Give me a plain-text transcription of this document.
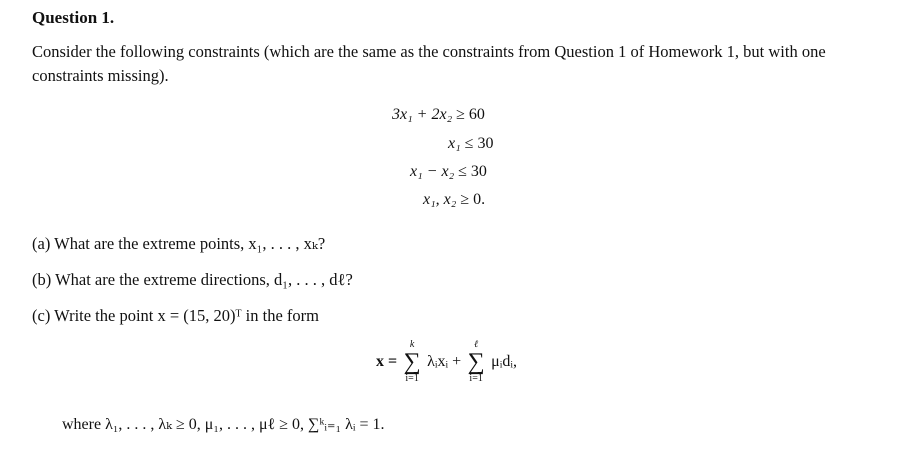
Question 1.
Consider the following constraints (which are the same as the constraints from Question 1 of Homework 1, but with one constraints missing).
3x₁ + 2x₂ ≥ 60
x₁ ≤ 30
x₁ − x₂ ≤ 30
x₁, x₂ ≥ 0.
(a) What are the extreme points, x₁, . . . , xₖ?
(b) What are the extreme directions, d₁, . . . , dℓ?
(c) Write the point x = (15, 20)ᵀ in the form
x =
k
∑
i=1
λᵢxᵢ +
ℓ
∑
i=1
μᵢdᵢ,
where λ₁, . . . , λₖ ≥ 0, μ₁, . . . , μℓ ≥ 0, ∑ᵏᵢ₌₁ λᵢ = 1.
